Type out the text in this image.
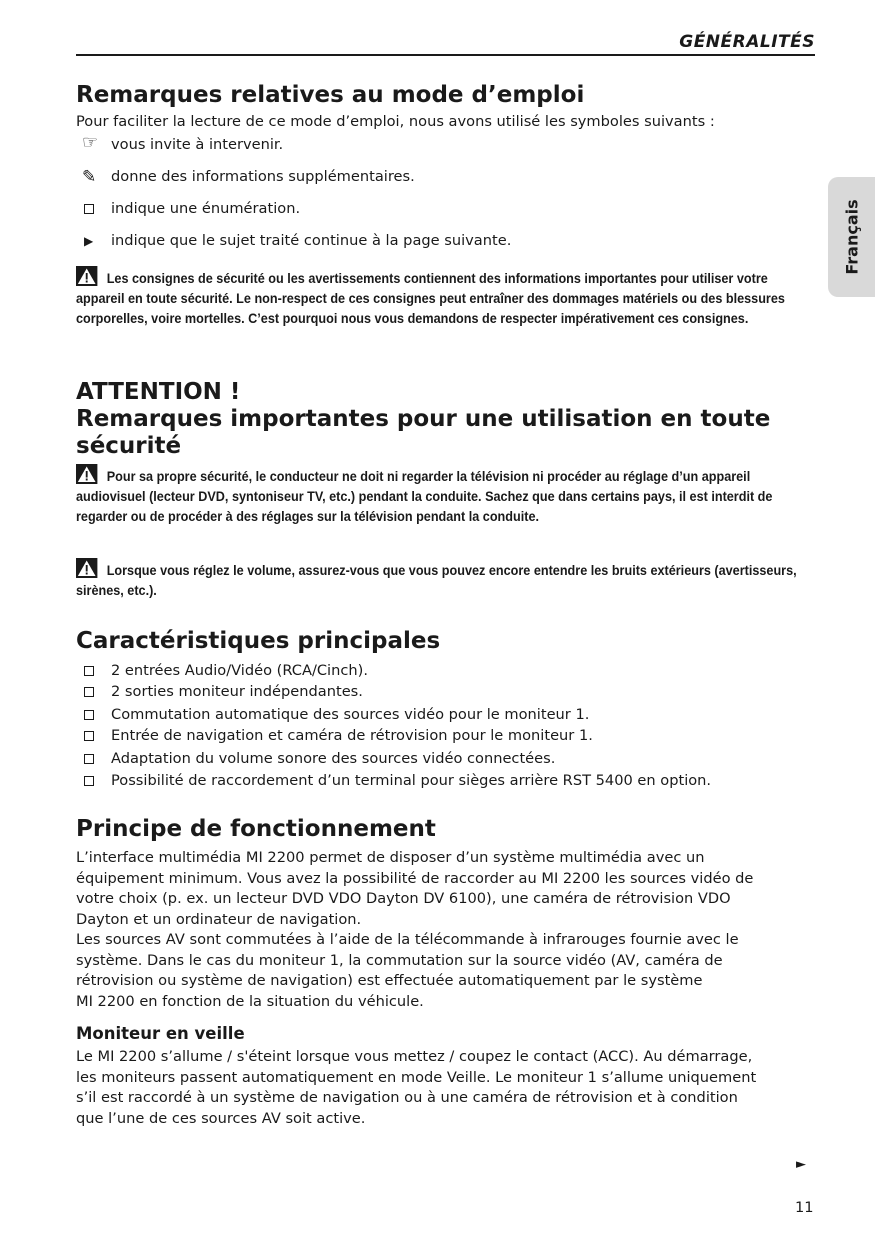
GÉNÉRALITÉS
Français
Remarques relatives au mode d’emploi

Pour faciliter la lecture de ce mode d’emploi, nous avons utilisé les symboles suivants :

☞ vous invite à intervenir.
✎	donne des informations supplémentaires.
indique une énumération.
▶	indique que le sujet traité continue à la page suivante.
Les consignes de sécurité ou les avertissements contiennent des informations importantes pour utiliser votre appareil en toute sécurité. Le non-respect de ces consignes peut entraîner des dommages matériels ou des blessures corporelles, voire mortelles. C’est pourquoi nous vous demandons de respecter impérativement ces consignes.
ATTENTION !
Remarques importantes pour une utilisation en toute
sécurité
Pour sa propre sécurité, le conducteur ne doit ni regarder la télévision ni procéder au réglage d’un appareil audiovisuel (lecteur DVD, syntoniseur TV, etc.) pendant la conduite. Sachez que dans certains pays, il est interdit de regarder ou de procéder à des réglages sur la télévision pendant la conduite.
Lorsque vous réglez le volume, assurez-vous que vous pouvez encore entendre les bruits extérieurs (avertisseurs, sirènes, etc.).
Caractéristiques principales
2 entrées Audio/Vidéo (RCA/Cinch).
2 sorties moniteur indépendantes.
Commutation automatique des sources vidéo pour le moniteur 1.
Entrée de navigation et caméra de rétrovision pour le moniteur 1.
Adaptation du volume sonore des sources vidéo connectées.
Possibilité de raccordement d’un terminal pour sièges arrière RST 5400 en option.
Principe de fonctionnement

L’interface multimédia MI 2200 permet de disposer d’un système multimédia avec un

équipement minimum. Vous avez la possibilité de raccorder au MI 2200 les sources vidéo de

votre choix (p. ex. un lecteur DVD VDO Dayton DV 6100), une caméra de rétrovision VDO

Dayton et un ordinateur de navigation.

Les sources AV sont commutées à l’aide de la télécommande à infrarouges fournie avec le

système. Dans le cas du moniteur 1, la commutation sur la source vidéo (AV, caméra de

rétrovision ou système de navigation) est effectuée automatiquement par le système

MI 2200 en fonction de la situation du véhicule.

Moniteur en veille

Le MI 2200 s’allume / s'éteint lorsque vous mettez / coupez le contact (ACC). Au démarrage,

les moniteurs passent automatiquement en mode Veille. Le moniteur 1 s’allume uniquement

s’il est raccordé à un système de navigation ou à une caméra de rétrovision et à condition

que l’une de ces sources AV soit active.

►
11
